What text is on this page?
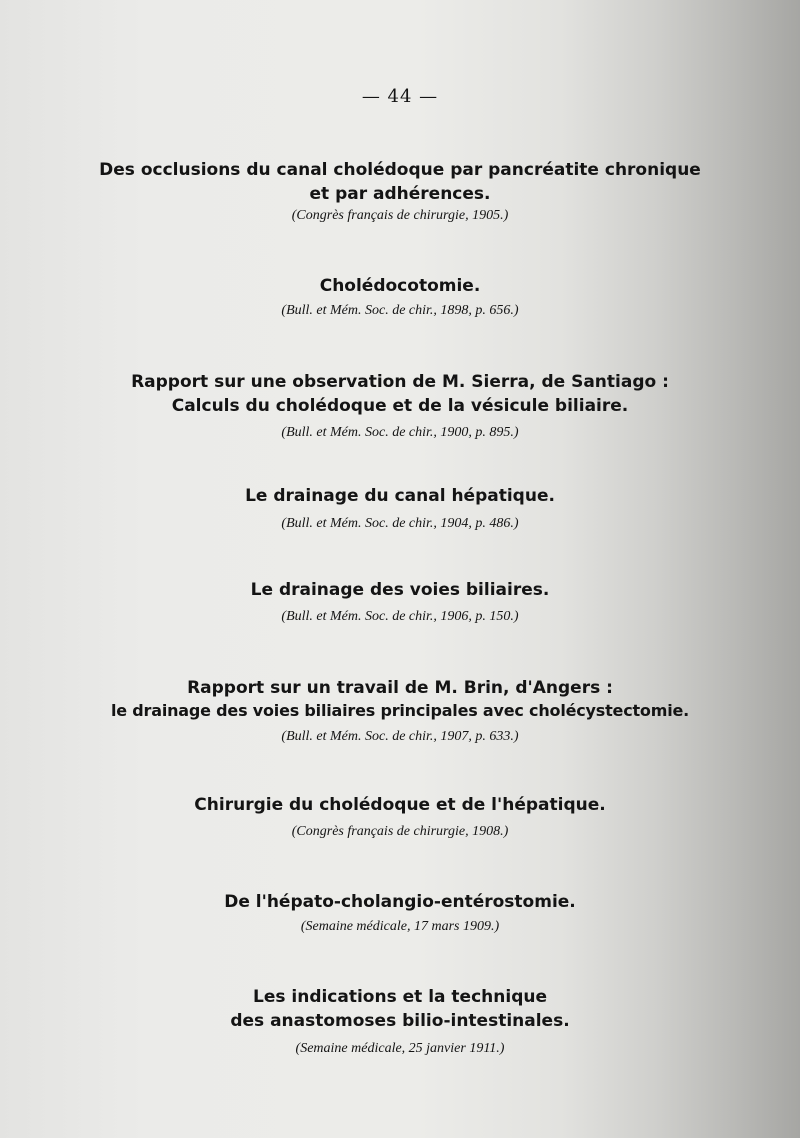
— 44 —
Des occlusions du canal cholédoque par pancréatite chronique
et par adhérences.
(Congrès français de chirurgie, 1905.)
Cholédocotomie.
(Bull. et Mém. Soc. de chir., 1898, p. 656.)
Rapport sur une observation de M. Sierra, de Santiago :
Calculs du cholédoque et de la vésicule biliaire.
(Bull. et Mém. Soc. de chir., 1900, p. 895.)
Le drainage du canal hépatique.
(Bull. et Mém. Soc. de chir., 1904, p. 486.)
Le drainage des voies biliaires.
(Bull. et Mém. Soc. de chir., 1906, p. 150.)
Rapport sur un travail de M. Brin, d'Angers :
le drainage des voies biliaires principales avec cholécystectomie.
(Bull. et Mém. Soc. de chir., 1907, p. 633.)
Chirurgie du cholédoque et de l'hépatique.
(Congrès français de chirurgie, 1908.)
De l'hépato-cholangio-entérostomie.
(Semaine médicale, 17 mars 1909.)
Les indications et la technique
des anastomoses bilio-intestinales.
(Semaine médicale, 25 janvier 1911.)
